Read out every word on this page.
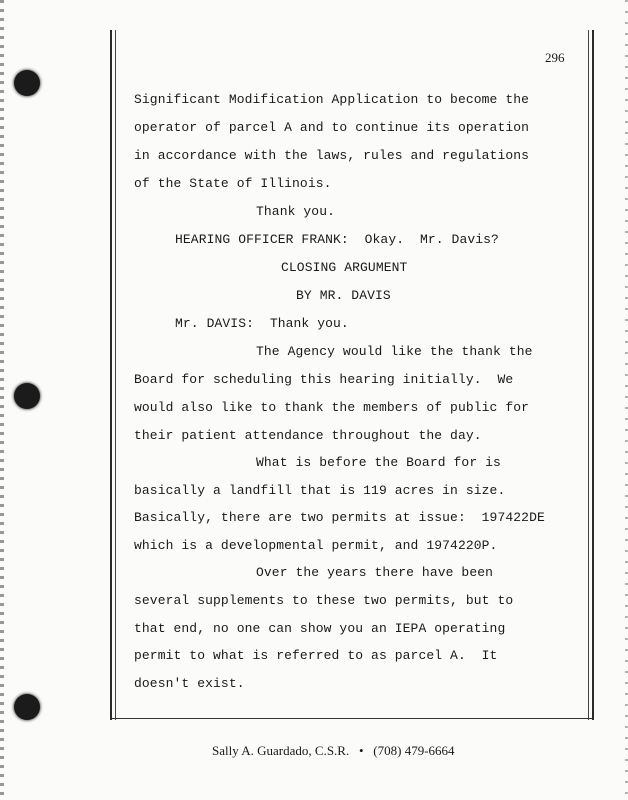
296
Significant Modification Application to become the
operator of parcel A and to continue its operation
in accordance with the laws, rules and regulations
of the State of Illinois.
Thank you.
HEARING OFFICER FRANK:  Okay.  Mr. Davis?
CLOSING ARGUMENT
BY MR. DAVIS
Mr. DAVIS:  Thank you.
The Agency would like the thank the
Board for scheduling this hearing initially.  We
would also like to thank the members of public for
their patient attendance throughout the day.
What is before the Board for is
basically a landfill that is 119 acres in size.
Basically, there are two permits at issue:  197422DE
which is a developmental permit, and 1974220P.
Over the years there have been
several supplements to these two permits, but to
that end, no one can show you an IEPA operating
permit to what is referred to as parcel A.  It
doesn't exist.
Sally A. Guardado, C.S.R. • (708) 479-6664
